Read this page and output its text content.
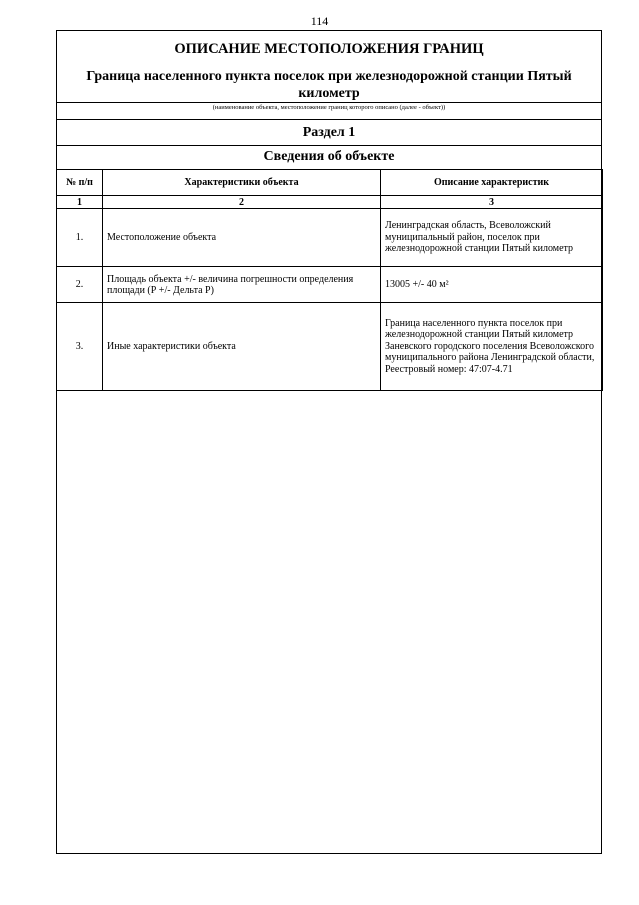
114
ОПИСАНИЕ МЕСТОПОЛОЖЕНИЯ ГРАНИЦ
Граница населенного пункта поселок при железнодорожной станции Пятый километр
(наименование объекта, местоположение границ которого описано (далее - объект))
Раздел 1
Сведения об объекте
№ п/п	Характеристики объекта	Описание характеристик
1	2	3
1.	Местоположение объекта	Ленинградская область, Всеволожский муниципальный район, поселок при железнодорожной станции Пятый километр
2.	Площадь объекта +/- величина погрешности определения площади (Р +/- Дельта Р)	13005 +/- 40 м²
3.	Иные характеристики объекта	Граница населенного пункта поселок при железнодорожной станции Пятый километр Заневского городского поселения Всеволожского муниципального района Ленинградской области, Реестровый номер: 47:07-4.71
